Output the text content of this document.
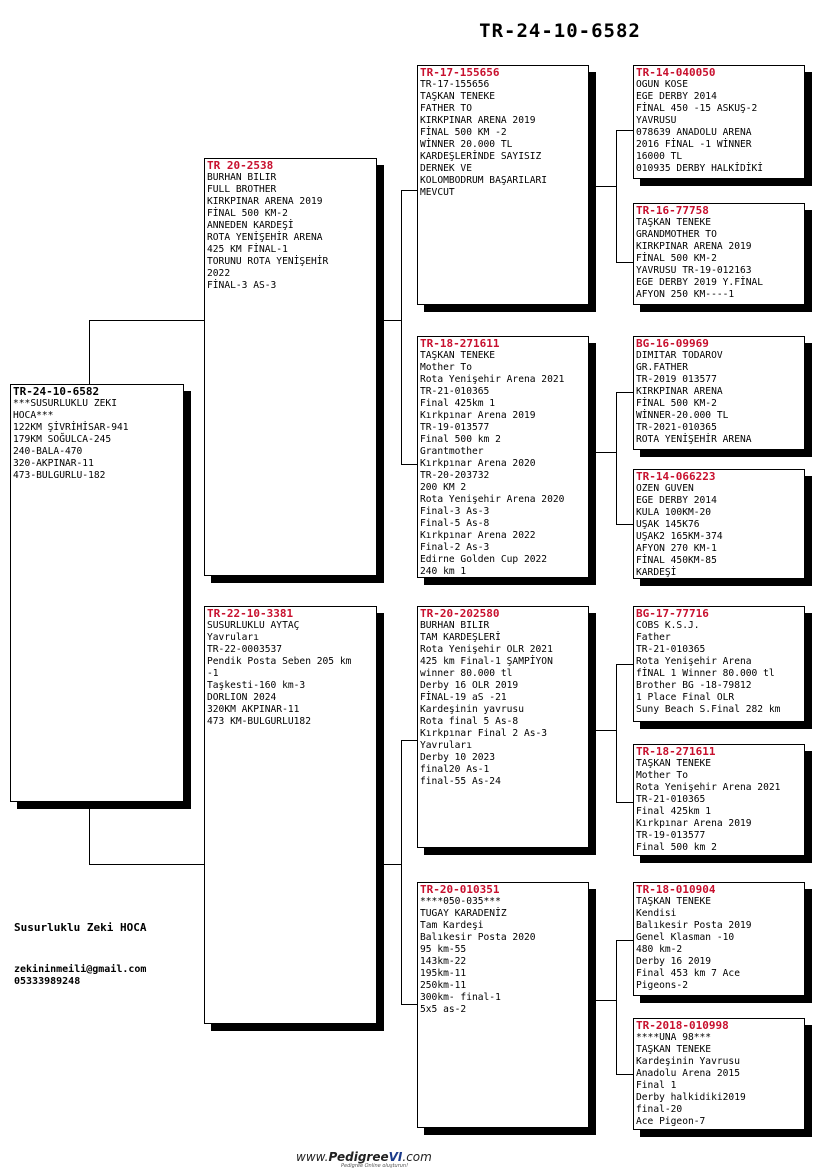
TR-24-10-6582
TR-24-10-6582
***SUSURLUKLU ZEKI
HOCA***
122KM ŞİVRİHİSAR-941
179KM SOĞULCA-245
240-BALA-470
320-AKPINAR-11
473-BULGURLU-182
TR 20-2538
BURHAN BILIR
FULL BROTHER
KIRKPINAR ARENA 2019
FİNAL 500 KM-2
ANNEDEN KARDEŞİ
ROTA YENİŞEHİR ARENA
425 KM FİNAL-1
TORUNU ROTA YENİŞEHİR
2022
FİNAL-3 AS-3
TR-22-10-3381
SUSURLUKLU AYTAÇ
Yavruları
TR-22-0003537
Pendik Posta Seben 205 km
-1
Taşkesti-160 km-3
DORLION 2024
320KM AKPINAR-11
473 KM-BULGURLU182
TR-17-155656
TR-17-155656
TAŞKAN TENEKE
FATHER TO
KIRKPINAR ARENA 2019
FİNAL 500 KM -2
WİNNER 20.000 TL
KARDEŞLERİNDE SAYISIZ
DERNEK VE
KOLOMBODRUM BAŞARILARI
MEVCUT
TR-18-271611
TAŞKAN TENEKE
Mother To
Rota Yenişehir Arena 2021
TR-21-010365
Final 425km 1
Kırkpınar Arena 2019
TR-19-013577
Final 500 km 2
Grantmother
Kırkpınar Arena 2020
TR-20-203732
200 KM 2
Rota Yenişehir Arena 2020
Final-3 As-3
Final-5 As-8
Kırkpınar Arena 2022
Final-2 As-3
Edirne Golden Cup 2022
240 km 1
TR-20-202580
BURHAN BILIR
TAM KARDEŞLERİ
Rota Yenişehir OLR 2021
425 km Final-1 ŞAMPİYON
winner 80.000 tl
Derby 16 OLR 2019
FİNAL-19 aS -21
Kardeşinin yavrusu
Rota final 5 As-8
Kırkpınar Final 2 As-3
Yavruları
Derby 10 2023
final20 As-1
final-55 As-24
TR-20-010351
****050-035***
TUGAY KARADENİZ
Tam Kardeşi
Balıkesir Posta 2020
95 km-55
143km-22
195km-11
250km-11
300km- final-1
5x5 as-2
TR-14-040050
OGUN KOSE
EGE DERBY 2014
FİNAL 450 -15 ASKUŞ-2
YAVRUSU
078639 ANADOLU ARENA
2016 FİNAL -1 WİNNER
16000 TL
010935 DERBY HALKİDİKİ
TR-16-77758
TAŞKAN TENEKE
GRANDMOTHER TO
KIRKPINAR ARENA 2019
FİNAL 500 KM-2
YAVRUSU TR-19-012163
EGE DERBY 2019 Y.FİNAL
AFYON 250 KM----1
BG-16-09969
DIMITAR TODAROV
GR.FATHER
TR-2019 013577
KIRKPINAR ARENA
FİNAL 500 KM-2
WİNNER-20.000 TL
TR-2021-010365
ROTA YENİŞEHİR ARENA
TR-14-066223
OZEN GUVEN
EGE DERBY 2014
KULA 100KM-20
UŞAK 145K76
UŞAK2 165KM-374
AFYON 270 KM-1
FİNAL 450KM-85
KARDEŞİ
BG-17-77716
COBS K.S.J.
Father
TR-21-010365
Rota Yenişehir Arena
fİNAL 1 Winner 80.000 tl
Brother BG -18-79812
1 Place Final OLR
Suny Beach S.Final 282 km
TR-18-271611
TAŞKAN TENEKE
Mother To
Rota Yenişehir Arena 2021
TR-21-010365
Final 425km 1
Kırkpınar Arena 2019
TR-19-013577
Final 500 km 2
TR-18-010904
TAŞKAN TENEKE
Kendisi
Balıkesir Posta 2019
Genel Klasman -10
480 km-2
Derby 16 2019
Final 453 km 7 Ace
Pigeons-2
TR-2018-010998
****UNA 98***
TAŞKAN TENEKE
Kardeşinin Yavrusu
Anadolu Arena 2015
Final 1
Derby halkidiki2019
final-20
Ace Pigeon-7
Susurluklu Zeki HOCA
zekininmeili@gmail.com
05333989248
www.PedigreeVI.com
Pedigree Online oluşturun!
